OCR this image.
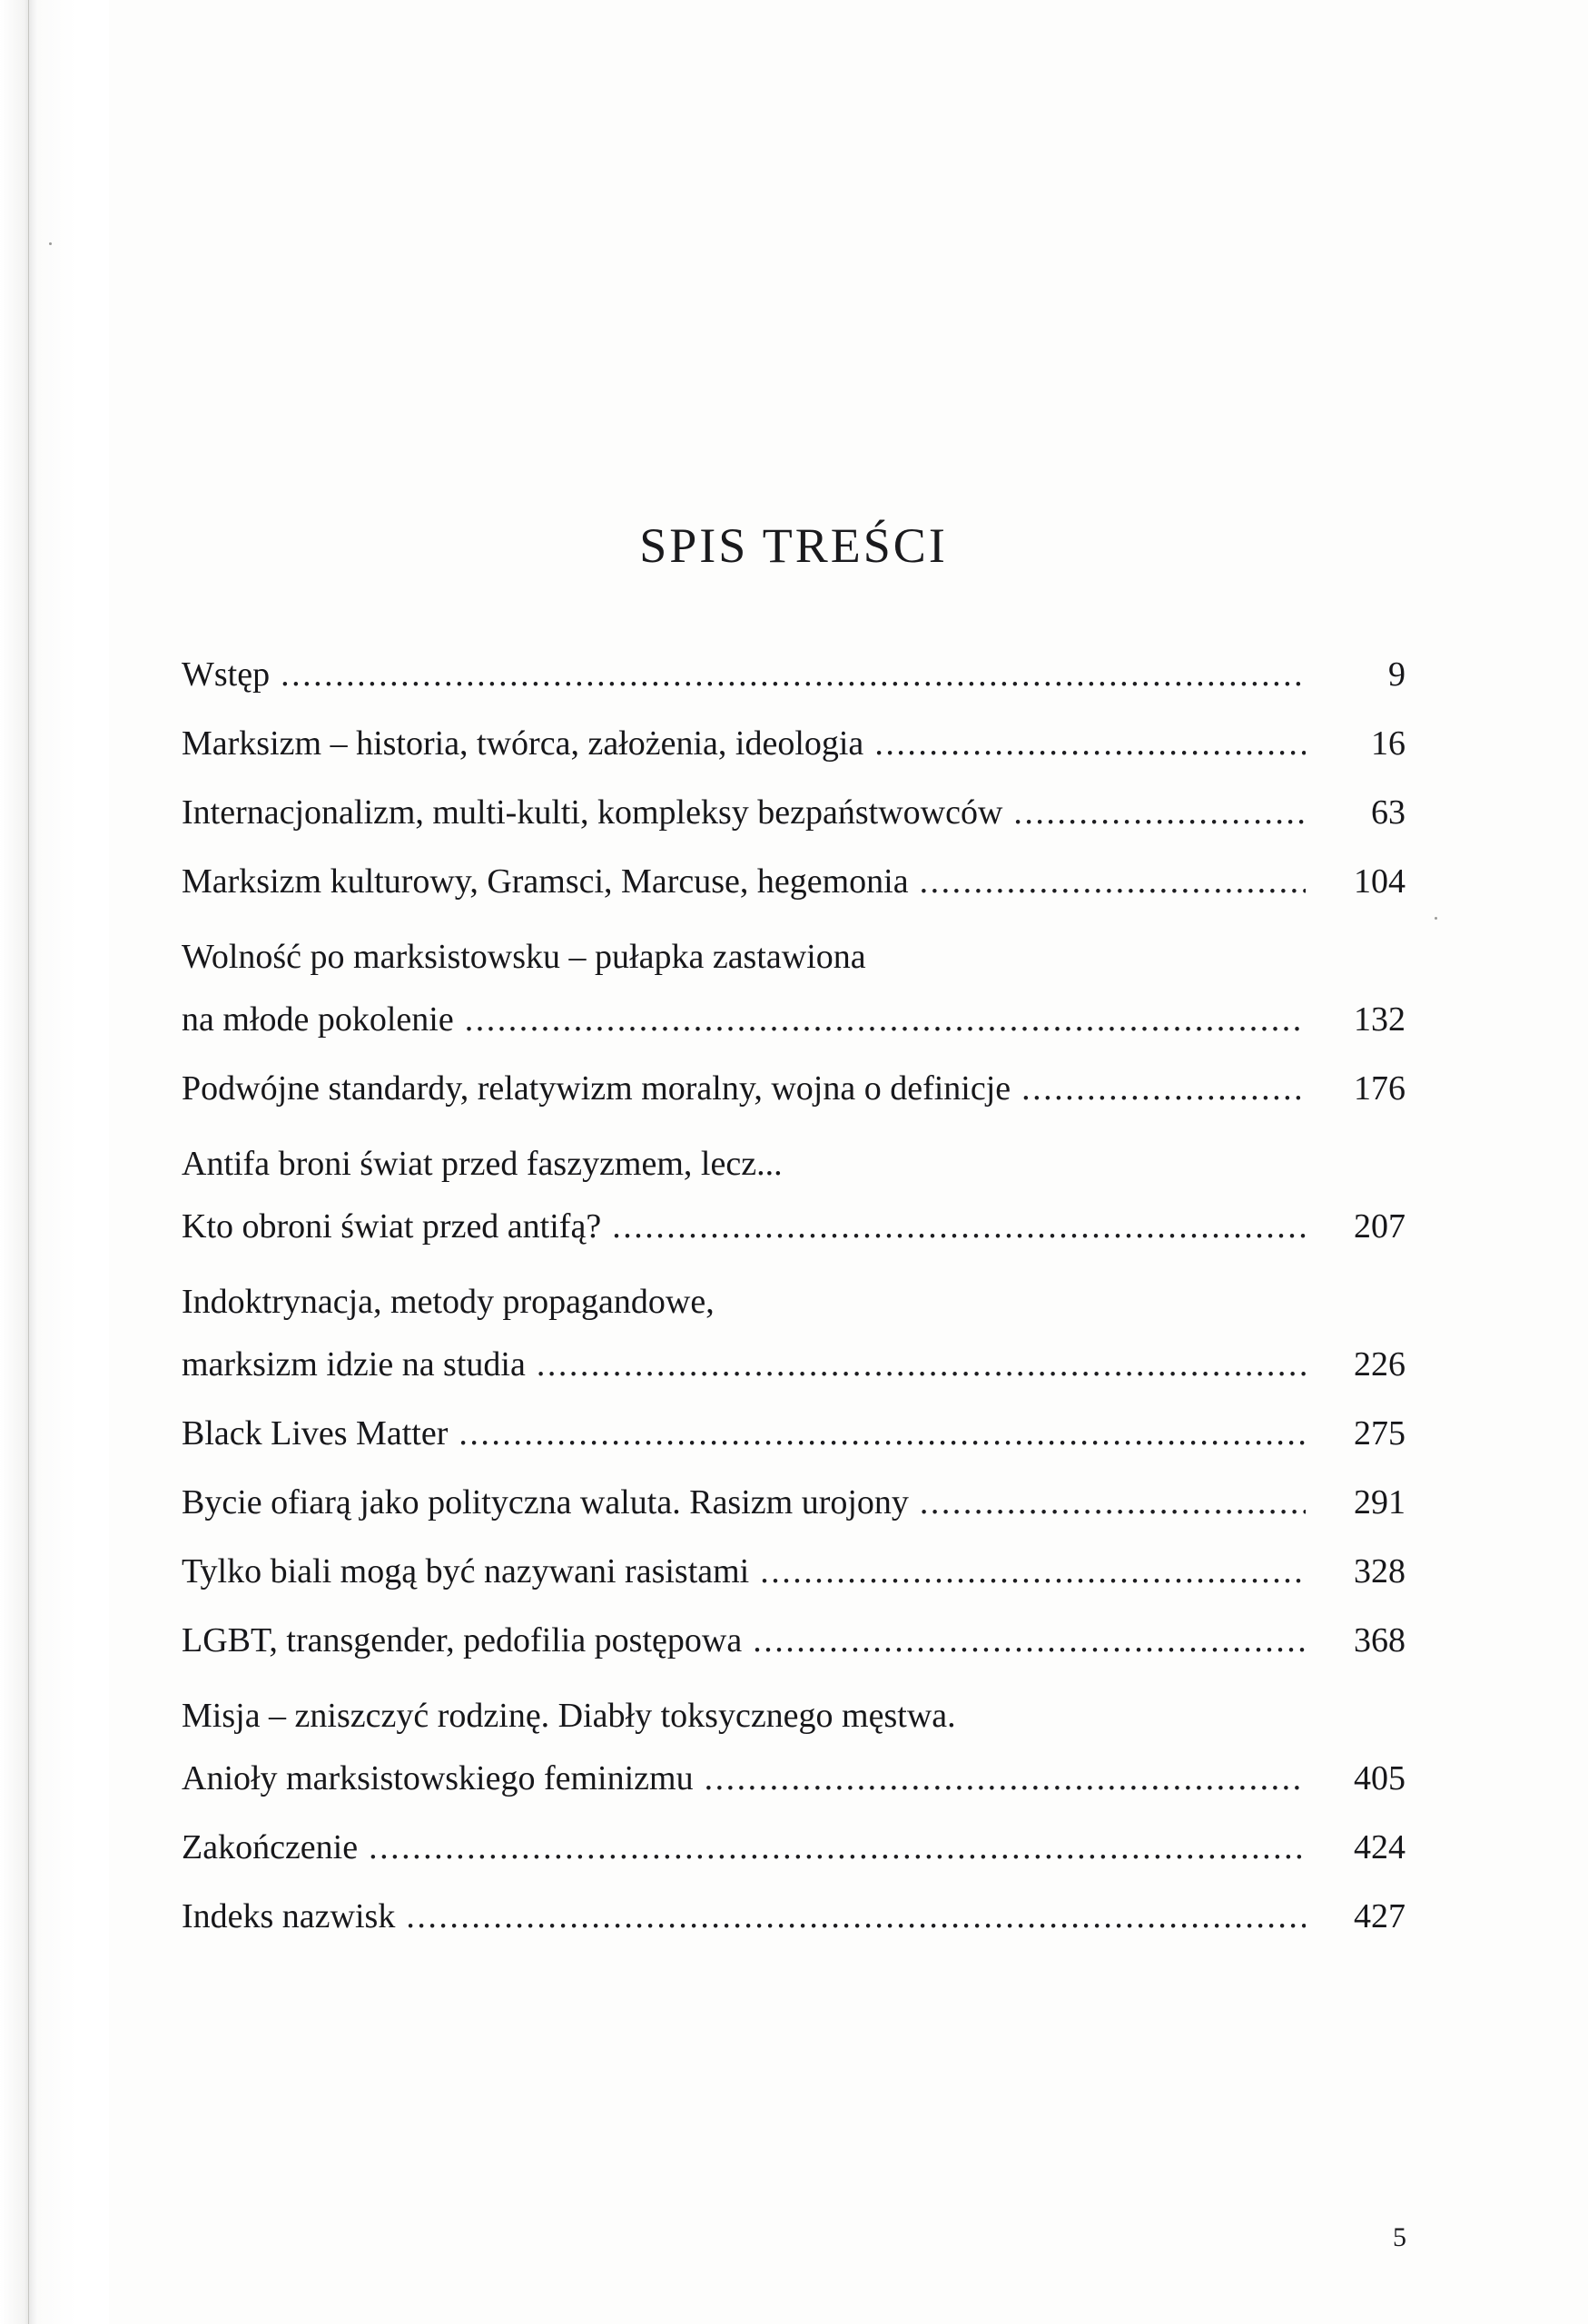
SPIS TREŚCI
Wstęp .....	9
Marksizm – historia, twórca, założenia, ideologia .....	16
Internacjonalizm, multi-kulti, kompleksy bezpaństwowców .....	63
Marksizm kulturowy, Gramsci, Marcuse, hegemonia .....	104
Wolność po marksistowsku – pułapka zastawiona
na młode pokolenie .....	132
Podwójne standardy, relatywizm moralny, wojna o definicje .....	176
Antifa broni świat przed faszyzmem, lecz...
Kto obroni świat przed antifą? .....	207
Indoktrynacja, metody propagandowe,
marksizm idzie na studia .....	226
Black Lives Matter .....	275
Bycie ofiarą jako polityczna waluta. Rasizm urojony .....	291
Tylko biali mogą być nazywani rasistami .....	328
LGBT, transgender, pedofilia postępowa .....	368
Misja – zniszczyć rodzinę. Diabły toksycznego męstwa.
Anioły marksistowskiego feminizmu .....	405
Zakończenie .....	424
Indeks nazwisk .....	427
5
